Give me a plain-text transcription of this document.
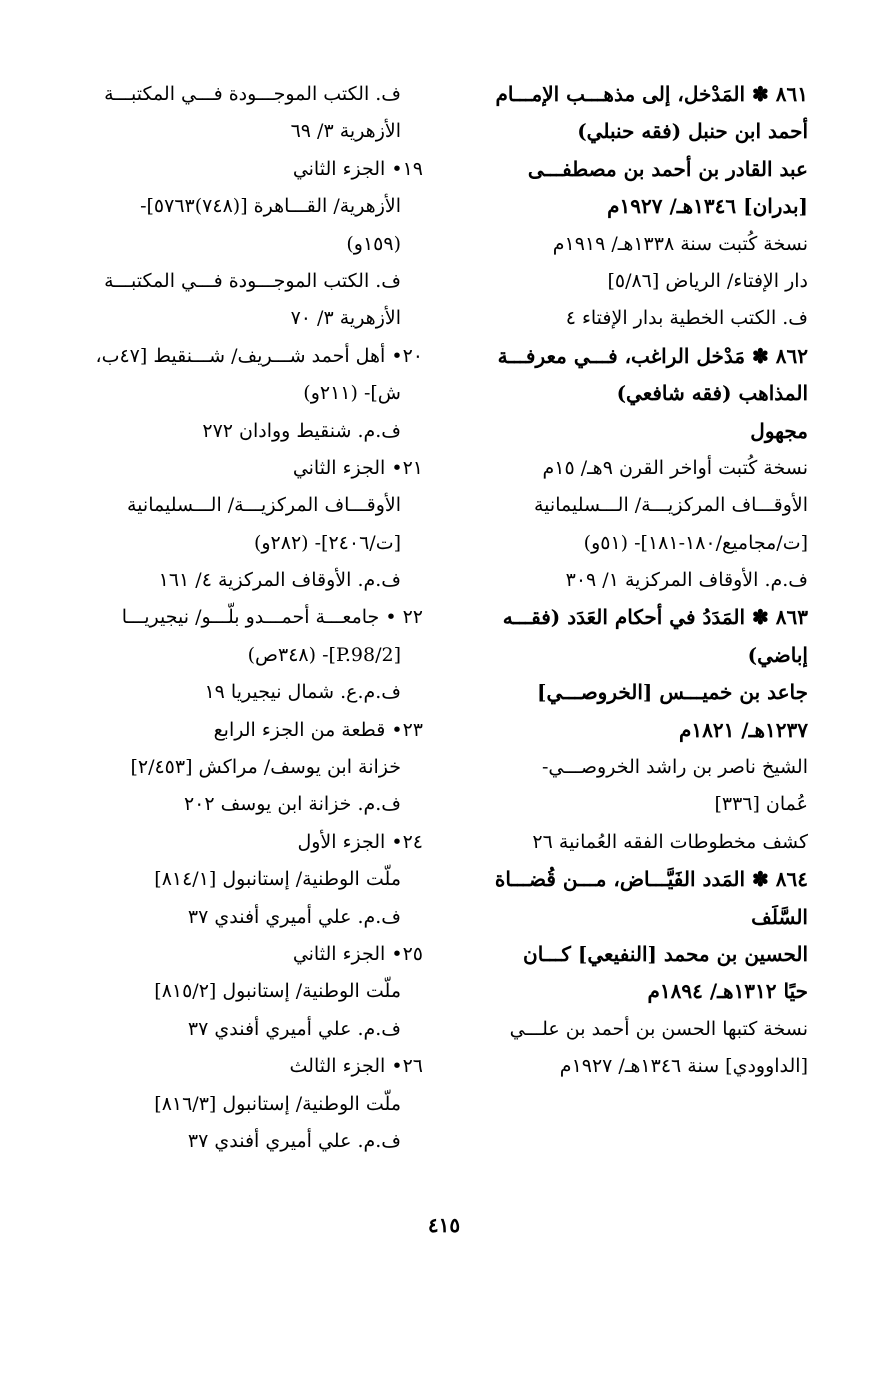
٨٦١ ✽ المَدْخل، إلى مذهـــب الإمـــام
أحمد ابن حنبل (فقه حنبلي)
عبد القادر بن أحمد بن مصطفـــى
[بدران] ١٣٤٦هـ/ ١٩٢٧م
نسخة كُتبت سنة ١٣٣٨هـ/ ١٩١٩م
دار الإفتاء/ الرياض [٥/٨٦]
ف. الكتب الخطية بدار الإفتاء ٤
٨٦٢ ✽ مَدْخل الراغب، فـــي معرفـــة
المذاهب (فقه شافعي)
مجهول
نسخة كُتبت أواخر القرن ٩هـ/ ١٥م
الأوقـــاف المركزيـــة/ الـــسليمانية
[ت/مجاميع/١٨٠-١٨١]- (٥١و)
ف.م. الأوقاف المركزية ١/ ٣٠٩
٨٦٣ ✽ المَدَدُ في أحكام العَدَد (فقـــه
إباضي)
جاعد بن خميـــس [الخروصـــي]
١٢٣٧هـ/ ١٨٢١م
الشيخ ناصر بن راشد الخروصـــي-
عُمان [٣٣٦]
كشف مخطوطات الفقه العُمانية ٢٦
٨٦٤ ✽ المَدد الفَيَّـــاض، مـــن قُضـــاة
السَّلَف
الحسين بن محمد [النفيعي] كـــان
حيًا ١٣١٢هـ/ ١٨٩٤م
نسخة كتبها الحسن بن أحمد بن علـــي
[الداوودي] سنة ١٣٤٦هـ/ ١٩٢٧م
ف. الكتب الموجـــودة فـــي المكتبـــة
الأزهرية ٣/ ٦٩
١٩• الجزء الثاني
الأزهرية/ القـــاهرة [(٧٤٨)٥٧٦٣]-
(١٥٩و)
ف. الكتب الموجـــودة فـــي المكتبـــة
الأزهرية ٣/ ٧٠
٢٠• أهل أحمد شـــريف/ شـــنقيط [٤٧ب،
ش]- (٢١١و)
ف.م. شنقيط ووادان ٢٧٢
٢١• الجزء الثاني
الأوقـــاف المركزيـــة/ الـــسليمانية
[ت/٢٤٠٦]- (٢٨٢و)
ف.م. الأوقاف المركزية ٤/ ١٦١
٢٢ • جامعـــة أحمـــدو بلّـــو/ نيجيريـــا
[P.98/2]- (٣٤٨ص)
ف.م.ع. شمال نيجيريا ١٩
٢٣• قطعة من الجزء الرابع
خزانة ابن يوسف/ مراكش [٢/٤٥٣]
ف.م. خزانة ابن يوسف ٢٠٢
٢٤• الجزء الأول
ملّت الوطنية/ إستانبول [٨١٤/١]
ف.م. علي أميري أفندي ٣٧
٢٥• الجزء الثاني
ملّت الوطنية/ إستانبول [٨١٥/٢]
ف.م. علي أميري أفندي ٣٧
٢٦• الجزء الثالث
ملّت الوطنية/ إستانبول [٨١٦/٣]
ف.م. علي أميري أفندي ٣٧
٤١٥
